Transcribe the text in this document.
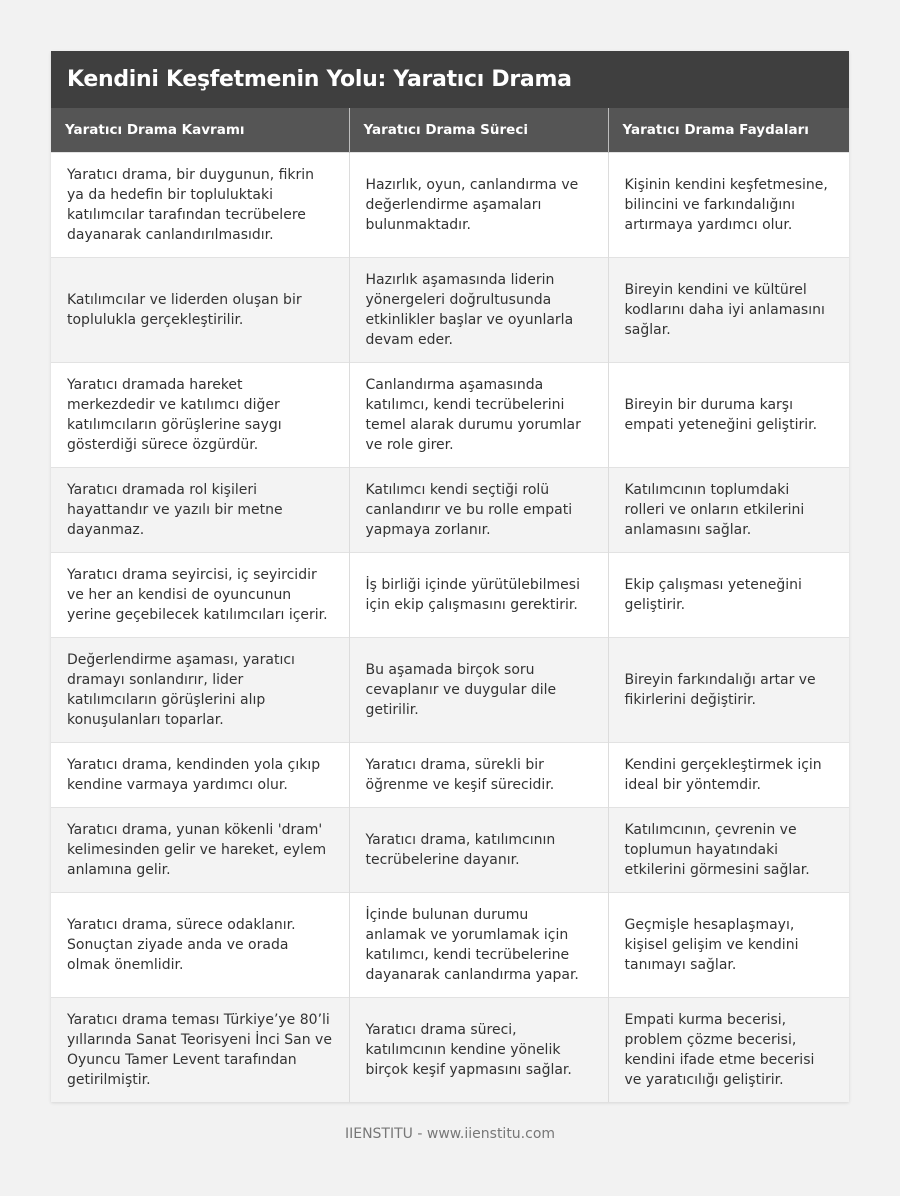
Kendini Keşfetmenin Yolu: Yaratıcı Drama
Yaratıcı Drama Kavramı	Yaratıcı Drama Süreci	Yaratıcı Drama Faydaları
Yaratıcı drama, bir duygunun, fikrin ya da hedefin bir topluluktaki katılımcılar tarafından tecrübelere dayanarak canlandırılmasıdır.	Hazırlık, oyun, canlandırma ve değerlendirme aşamaları bulunmaktadır.	Kişinin kendini keşfetmesine, bilincini ve farkındalığını artırmaya yardımcı olur.
Katılımcılar ve liderden oluşan bir toplulukla gerçekleştirilir.	Hazırlık aşamasında liderin yönergeleri doğrultusunda etkinlikler başlar ve oyunlarla devam eder.	Bireyin kendini ve kültürel kodlarını daha iyi anlamasını sağlar.
Yaratıcı dramada hareket merkezdedir ve katılımcı diğer katılımcıların görüşlerine saygı gösterdiği sürece özgürdür.	Canlandırma aşamasında katılımcı, kendi tecrübelerini temel alarak durumu yorumlar ve role girer.	Bireyin bir duruma karşı empati yeteneğini geliştirir.
Yaratıcı dramada rol kişileri hayattandır ve yazılı bir metne dayanmaz.	Katılımcı kendi seçtiği rolü canlandırır ve bu rolle empati yapmaya zorlanır.	Katılımcının toplumdaki rolleri ve onların etkilerini anlamasını sağlar.
Yaratıcı drama seyircisi, iç seyircidir ve her an kendisi de oyuncunun yerine geçebilecek katılımcıları içerir.	İş birliği içinde yürütülebilmesi için ekip çalışmasını gerektirir.	Ekip çalışması yeteneğini geliştirir.
Değerlendirme aşaması, yaratıcı dramayı sonlandırır, lider katılımcıların görüşlerini alıp konuşulanları toparlar.	Bu aşamada birçok soru cevaplanır ve duygular dile getirilir.	Bireyin farkındalığı artar ve fikirlerini değiştirir.
Yaratıcı drama, kendinden yola çıkıp kendine varmaya yardımcı olur.	Yaratıcı drama, sürekli bir öğrenme ve keşif sürecidir.	Kendini gerçekleştirmek için ideal bir yöntemdir.
Yaratıcı drama, yunan kökenli 'dram' kelimesinden gelir ve hareket, eylem anlamına gelir.	Yaratıcı drama, katılımcının tecrübelerine dayanır.	Katılımcının, çevrenin ve toplumun hayatındaki etkilerini görmesini sağlar.
Yaratıcı drama, sürece odaklanır. Sonuçtan ziyade anda ve orada olmak önemlidir.	İçinde bulunan durumu anlamak ve yorumlamak için katılımcı, kendi tecrübelerine dayanarak canlandırma yapar.	Geçmişle hesaplaşmayı, kişisel gelişim ve kendini tanımayı sağlar.
Yaratıcı drama teması Türkiye’ye 80’li yıllarında Sanat Teorisyeni İnci San ve Oyuncu Tamer Levent tarafından getirilmiştir.	Yaratıcı drama süreci, katılımcının kendine yönelik birçok keşif yapmasını sağlar.	Empati kurma becerisi, problem çözme becerisi, kendini ifade etme becerisi ve yaratıcılığı geliştirir.
IIENSTITU - www.iienstitu.com
